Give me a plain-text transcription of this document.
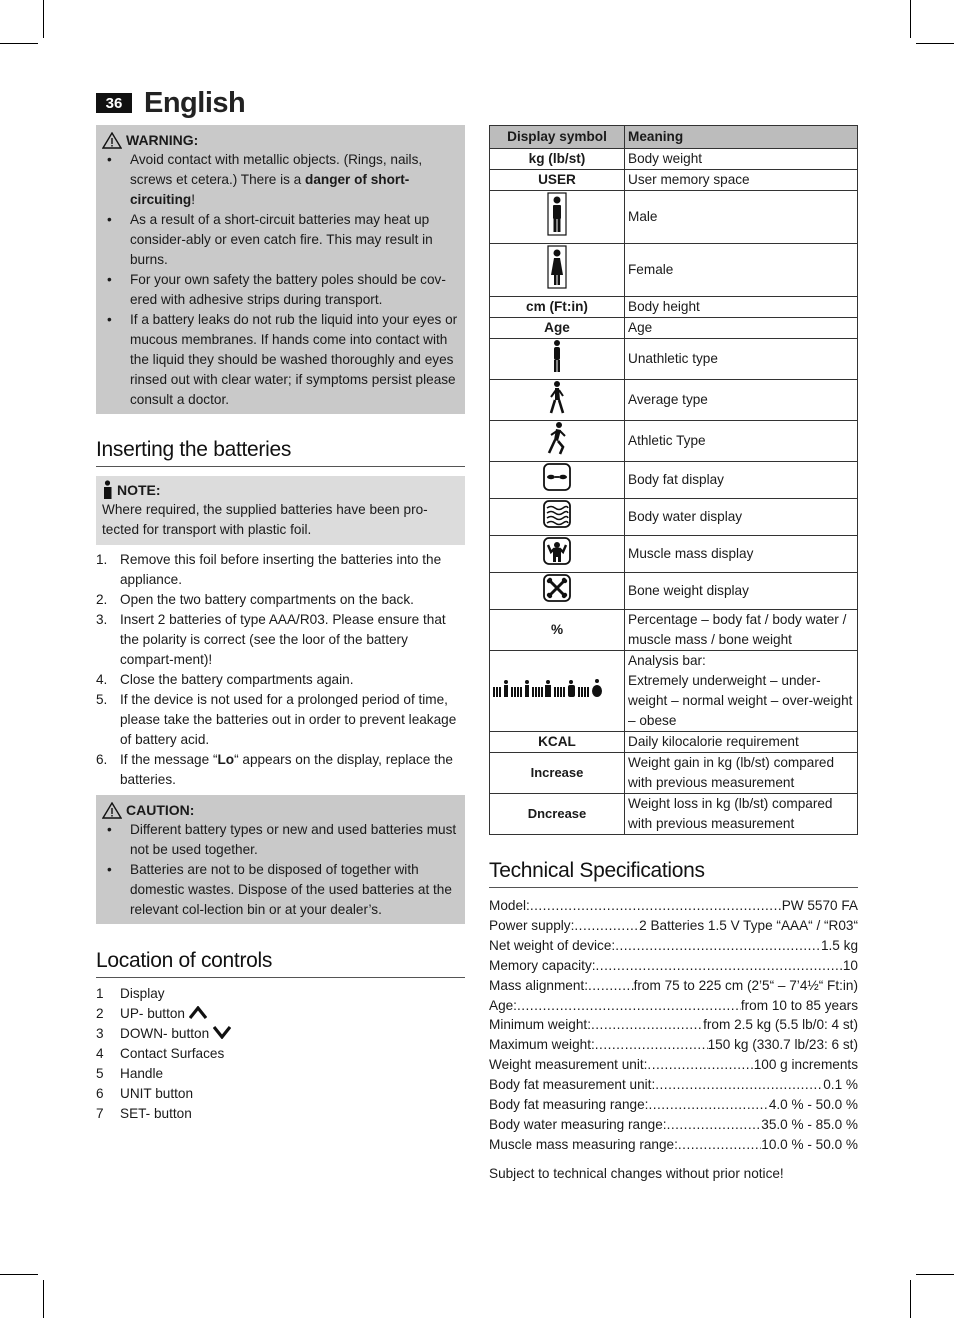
36 English
WARNING:
•	Avoid contact with metallic objects. (Rings, nails, screws et cetera.) There is a danger of short-circuiting!
•	As a result of a short-circuit batteries may heat up consider-ably or even catch fire. This may result in burns.
•	For your own safety the battery poles should be cov-ered with adhesive strips during transport.
•	If a battery leaks do not rub the liquid into your eyes or mucous membranes. If hands come into contact with the liquid they should be washed thoroughly and eyes rinsed out with clear water; if symptoms persist please consult a doctor.
Inserting the batteries
NOTE:
Where required, the supplied batteries have been pro-tected for transport with plastic foil.
1. Remove this foil before inserting the batteries into the appliance.
2. Open the two battery compartments on the back.
3. Insert 2 batteries of type AAA/R03. Please ensure that the polarity is correct (see the loor of the battery compart-ment)!
4. Close the battery compartments again.
5. If the device is not used for a prolonged period of time, please take the batteries out in order to prevent leakage of battery acid.
6. If the message “Lo“ appears on the display, replace the batteries.
CAUTION:
•	Different battery types or new and used batteries must not be used together.
•	Batteries are not to be disposed of together with domestic wastes. Dispose of the used batteries at the relevant col-lection bin or at your dealer’s.
Location of controls
1	Display
2	UP- button
3	DOWN- button
4	Contact Surfaces
5	Handle
6	UNIT button
7	SET- button
Display symbol	Meaning
kg (lb/st)	Body weight

USER	User memory space

Male

Female

cm (Ft:in)	Body height

Age	Age

Unathletic type

Average type

Athletic Type

Body fat display

Body water display

Muscle mass display

Bone weight display

%	Percentage – body fat / body water / muscle mass / bone weight

Analysis bar:
Extremely underweight – under-weight – normal weight – over-weight – obese

KCAL	Daily kilocalorie requirement

Increase	Weight gain in kg (lb/st) compared with previous measurement

Dncrease	Weight loss in kg (lb/st) compared with previous measurement
Technical Specifications
Model: .....	PW 5570 FA
Power supply: .....	2 Batteries 1.5 V Type “AAA“ / “R03“
Net weight of device: .....	1.5 kg
Memory capacity: .....	10
Mass alignment: .....	from 75 to 225 cm (2’5“ – 7’4½“ Ft:in)
Age: .....	from 10 to 85 years
Minimum weight: .....	from 2.5 kg (5.5 lb/0: 4 st)
Maximum weight: .....	150 kg (330.7 lb/23: 6 st)
Weight measurement unit: .....	100 g increments
Body fat measurement unit: .....	0.1 %
Body fat measuring range: .....	4.0 % - 50.0 %
Body water measuring range: .....	35.0 % - 85.0 %
Muscle mass measuring range: .....	10.0 % - 50.0 %
Subject to technical changes without prior notice!
